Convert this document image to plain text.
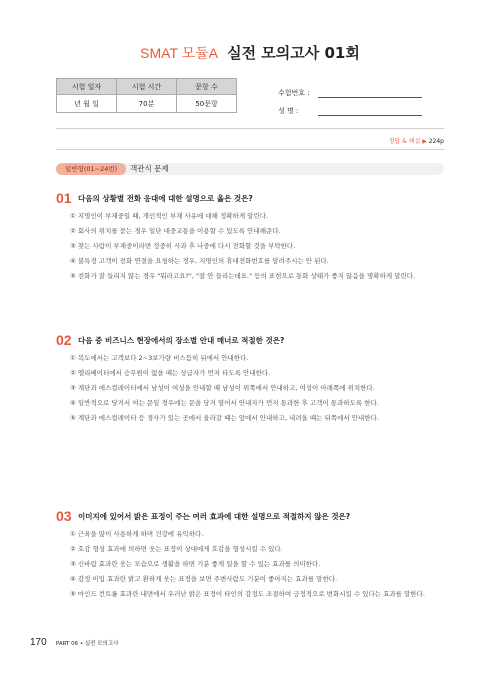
SMAT 모듈A 실전 모의고사 01회
시험 일자	시험 시간	문항 수
년 월 일	70분	50문항
수험번호 :
성 명 :
정답 & 해설 ▶ 224p
일반형(01~24번)	객관식 문제
01 다음의 상황별 전화 응대에 대한 설명으로 옳은 것은?
① 지명인이 부재중일 때, 개인적인 부재 사유에 대해 정확하게 알린다.
② 회사의 위치를 묻는 경우 일단 대중교통을 이용할 수 있도록 안내해준다.
③ 찾는 사람이 부재중이라면 정중히 사과 후 나중에 다시 전화할 것을 부탁한다.
④ 불특정 고객이 전화 연결을 요청하는 경우, 지명인의 휴대전화번호를 알려주시는 안 된다.
⑤ 전화가 잘 들리지 않는 경우 "뭐라고요?", "잘 안 들리는데요." 등의 표현으로 통화 상태가 좋지 않음을 명확하게 알린다.
02 다음 중 비즈니스 현장에서의 장소별 안내 매너로 적절한 것은?
① 복도에서는 고객보다 2~3보가량 비스듬히 뒤에서 안내한다.
② 엘리베이터에서 승무원이 없을 때는 상급자가 먼저 타도록 안내한다.
③ 계단과 에스컬레이터에서 남성이 여성을 안내할 때 남성이 위쪽에서 안내하고, 여성이 아래쪽에 위치한다.
④ 일반적으로 당겨서 여는 문일 경우에는 문을 당겨 열어서 안내자가 먼저 통과한 후 고객이 통과하도록 한다.
⑤ 계단과 에스컬레이터 등 경사가 있는 곳에서 올라갈 때는 앞에서 안내하고, 내려올 때는 뒤쪽에서 안내한다.
03 이미지에 있어서 밝은 표정이 주는 여러 효과에 대한 설명으로 적절하지 않은 것은?
① 근육을 많이 사용하게 하며 건강에 유익하다.
② 호감 형성 효과에 의하면 웃는 표정이 상대에게 호감을 형성시킬 수 있다.
③ 신바람 효과란 웃는 모습으로 생활을 하면 기분 좋게 일을 할 수 있는 효과를 의미한다.
④ 감정 이입 효과란 밝고 환하게 웃는 표정을 보면 주변사람도 기분이 좋아지는 효과를 말한다.
⑤ 마인드 컨트롤 효과란 내면에서 우러난 밝은 표정이 타인의 감정도 조절하여 긍정적으로 변화시킬 수 있다는 효과를 말한다.
170 PART 06 • 실전 모의고사
